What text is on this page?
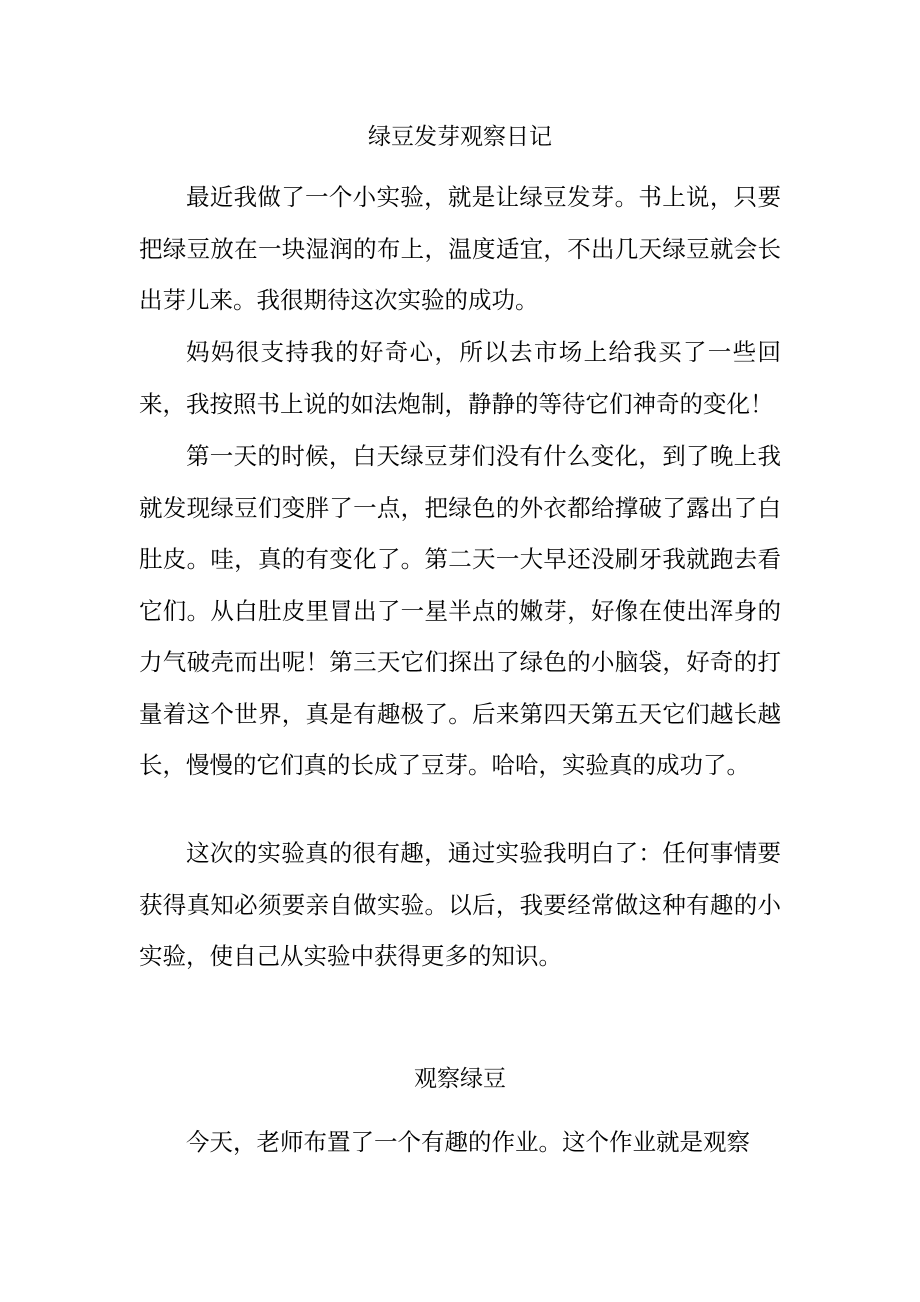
绿豆发芽观察日记

最近我做了一个小实验，就是让绿豆发芽。书上说，只要把绿豆放在一块湿润的布上，温度适宜，不出几天绿豆就会长出芽儿来。我很期待这次实验的成功。

妈妈很支持我的好奇心，所以去市场上给我买了一些回来，我按照书上说的如法炮制，静静的等待它们神奇的变化！

第一天的时候，白天绿豆芽们没有什么变化，到了晚上我就发现绿豆们变胖了一点，把绿色的外衣都给撑破了露出了白肚皮。哇，真的有变化了。第二天一大早还没刷牙我就跑去看它们。从白肚皮里冒出了一星半点的嫩芽，好像在使出浑身的力气破壳而出呢！第三天它们探出了绿色的小脑袋，好奇的打量着这个世界，真是有趣极了。后来第四天第五天它们越长越长，慢慢的它们真的长成了豆芽。哈哈，实验真的成功了。

这次的实验真的很有趣，通过实验我明白了：任何事情要获得真知必须要亲自做实验。以后，我要经常做这种有趣的小实验，使自己从实验中获得更多的知识。

观察绿豆

今天，老师布置了一个有趣的作业。这个作业就是观察
